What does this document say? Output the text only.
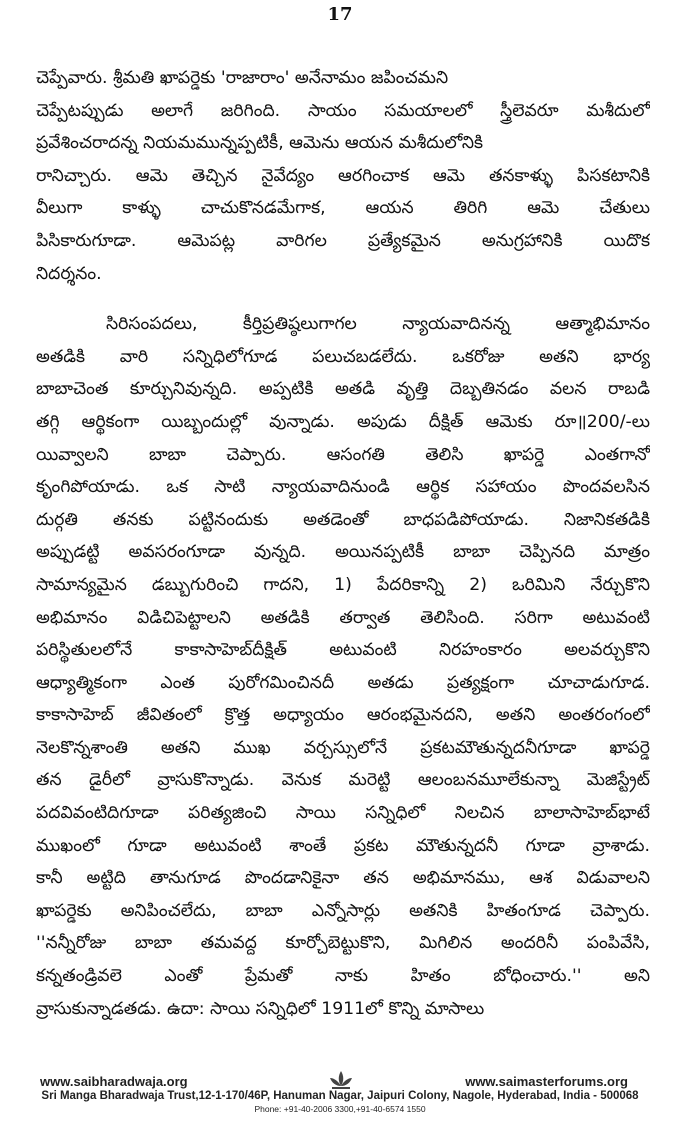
17

చెప్పేవారు. శ్రీమతి ఖాపర్డెకు 'రాజారాం' అనేనామం జపించమని
చెప్పేటప్పుడు అలాగే జరిగింది. సాయం సమయాలలో స్త్రీలెవరూ మశీదులో
ప్రవేశించరాదన్న నియమమున్నప్పటికీ, ఆమెను ఆయన మశీదులోనికి
రానిచ్చారు. ఆమె తెచ్చిన నైవేద్యం ఆరగించాక ఆమె తనకాళ్ళు పిసకటానికి
వీలుగా కాళ్ళు చాచుకొనడమేగాక, ఆయన తిరిగి ఆమె చేతులు
పిసికారుగూడా. ఆమెపట్ల వారిగల ప్రత్యేకమైన అనుగ్రహానికి యిదొక
నిదర్శనం.

సిరిసంపదలు, కీర్తిప్రతిష్ఠలుగాగల న్యాయవాదినన్న ఆత్మాభిమానం
అతడికి వారి సన్నిధిలోగూడ పలుచబడలేదు. ఒకరోజు అతని భార్య
బాబాచెంత కూర్చునివున్నది. అప్పటికి అతడి వృత్తి దెబ్బతినడం వలన రాబడి
తగ్గి ఆర్థికంగా యిబ్బందుల్లో వున్నాడు. అపుడు దీక్షిత్ ఆమెకు రూ॥200/-లు
యివ్వాలని బాబా చెప్పారు. ఆసంగతి తెలిసి ఖాపర్డె ఎంతగానో
కృంగిపోయాడు. ఒక సాటి న్యాయవాదినుండి ఆర్థిక సహాయం పొందవలసిన
దుర్గతి తనకు పట్టినందుకు అతడెంతో బాధపడిపోయాడు. నిజానికతడికి
అప్పుడట్టి అవసరంగూడా వున్నది. అయినప్పటికీ బాబా చెప్పినది మాత్రం
సామాన్యమైన డబ్బుగురించి గాదని, 1) పేదరికాన్ని 2) ఒరిమిని నేర్చుకొని
అభిమానం విడిచిపెట్టాలని అతడికి తర్వాత తెలిసింది. సరిగా అటువంటి
పరిస్థితులలోనే కాకాసాహెబ్‌దీక్షిత్ అటువంటి నిరహంకారం అలవర్చుకొని
ఆధ్యాత్మికంగా ఎంత పురోగమించినదీ అతడు ప్రత్యక్షంగా చూచాడుగూడ.
కాకాసాహెబ్ జీవితంలో క్రొత్త అధ్యాయం ఆరంభమైనదని, అతని అంతరంగంలో
నెలకొన్నశాంతి అతని ముఖ వర్చస్సులోనే ప్రకటమౌతున్నదనీగూడా ఖాపర్డె
తన డైరీలో వ్రాసుకొన్నాడు. వెనుక మరెట్టి ఆలంబనమూలేకున్నా మెజిస్ట్రేట్
పదవివంటిదిగూడా పరిత్యజించి సాయి సన్నిధిలో నిలచిన బాలాసాహెబ్‌భాటే
ముఖంలో గూడా అటువంటి శాంతే ప్రకట మౌతున్నదనీ గూడా వ్రాశాడు.
కానీ అట్టిది తానుగూడ పొందడానికైనా తన అభిమానము, ఆశ విడువాలని
ఖాపర్డెకు అనిపించలేదు, బాబా ఎన్నోసార్లు అతనికి హితంగూడ చెప్పారు.
''నన్నీరోజు బాబా తమవద్ద కూర్చోబెట్టుకొని, మిగిలిన అందరినీ పంపివేసి,
కన్నతండ్రివలె ఎంతో ప్రేమతో నాకు హితం బోధించారు.'' అని
వ్రాసుకున్నాడతడు. ఉదా: సాయి సన్నిధిలో 1911లో కొన్ని మాసాలు

www.saibharadwaja.org	www.saimasterforums.org
Sri Manga Bharadwaja Trust,12-1-170/46P, Hanuman Nagar, Jaipuri Colony, Nagole, Hyderabad, India - 500068
Phone: +91-40-2006 3300,+91-40-6574 1550
